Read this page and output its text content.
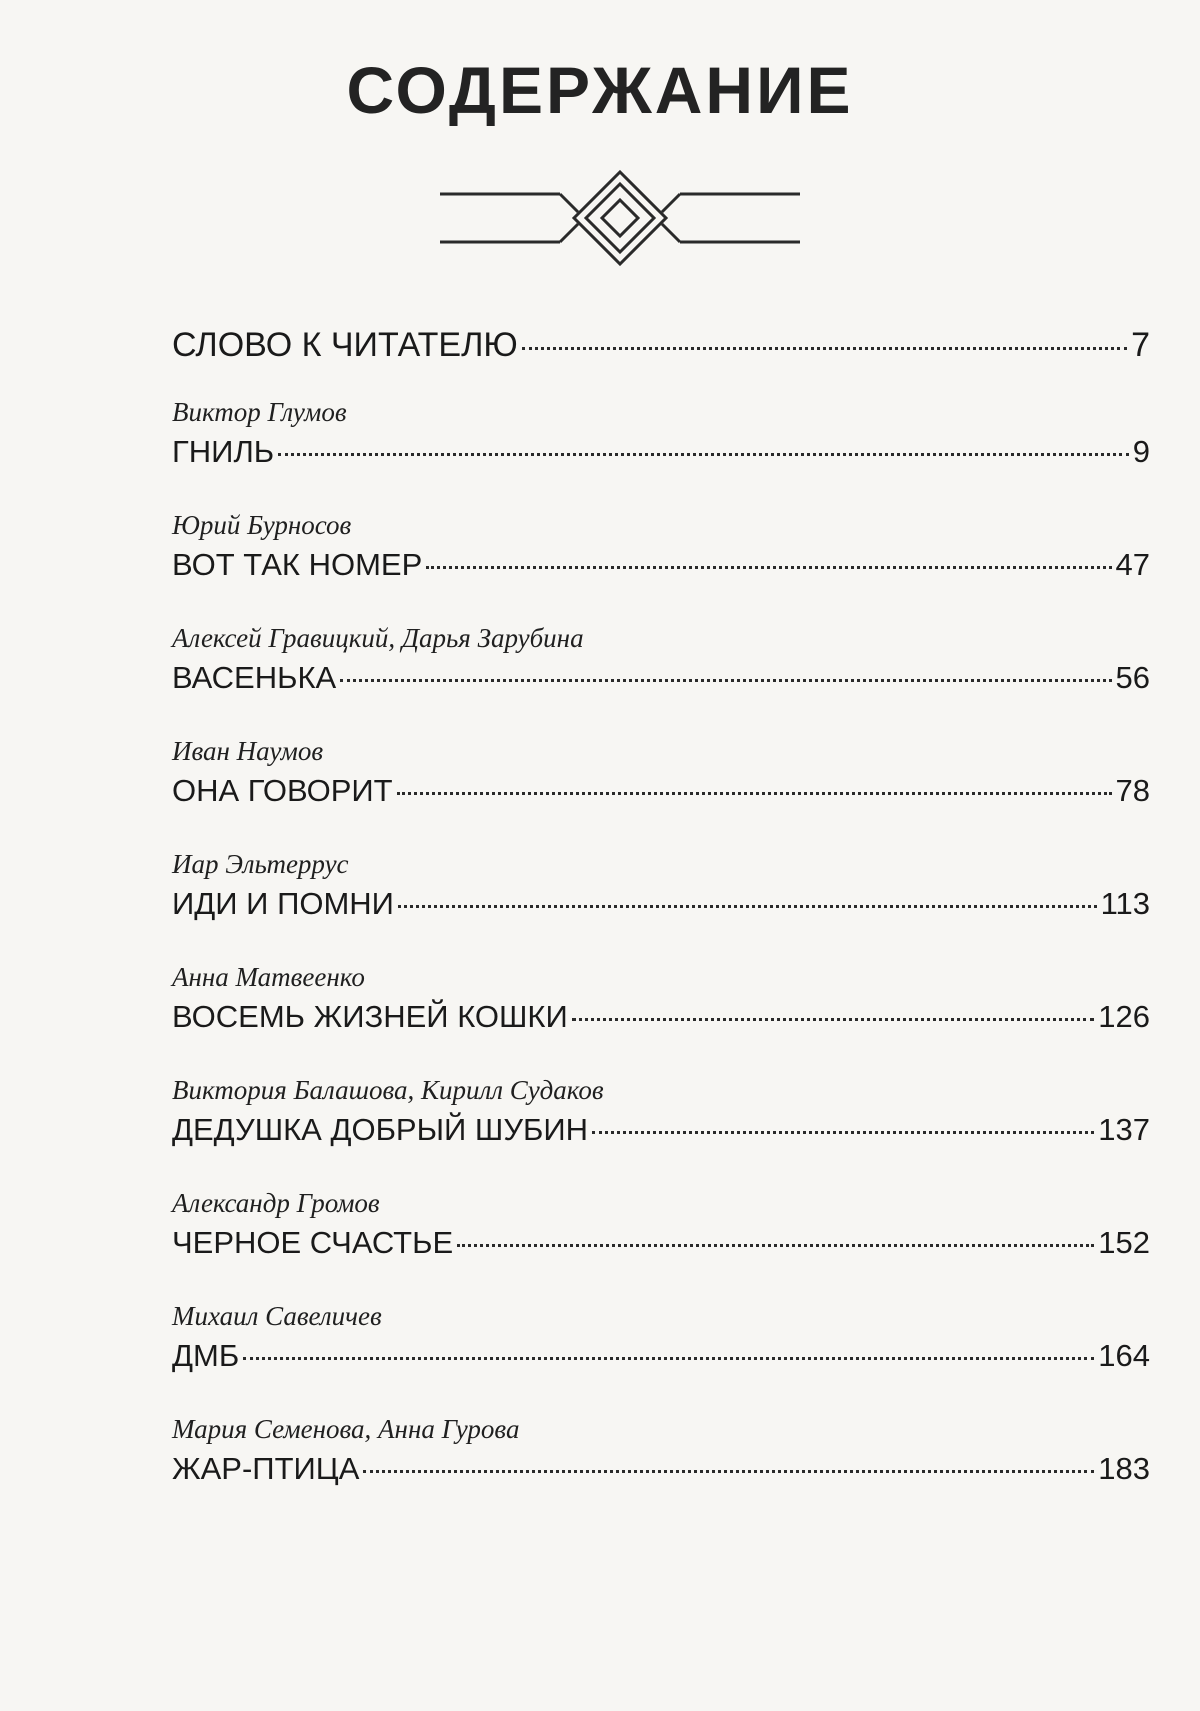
СОДЕРЖАНИЕ
СЛОВО К ЧИТАТЕЛЮ	7
Виктор Глумов
ГНИЛЬ	9
Юрий Бурносов
ВОТ ТАК НОМЕР	47
Алексей Гравицкий, Дарья Зарубина
ВАСЕНЬКА	56
Иван Наумов
ОНА ГОВОРИТ	78
Иар Эльтеррус
ИДИ И ПОМНИ	113
Анна Матвеенко
ВОСЕМЬ ЖИЗНЕЙ КОШКИ	126
Виктория Балашова, Кирилл Судаков
ДЕДУШКА ДОБРЫЙ ШУБИН	137
Александр Громов
ЧЕРНОЕ СЧАСТЬЕ	152
Михаил Савеличев
ДМБ	164
Мария Семенова, Анна Гурова
ЖАР-ПТИЦА	183
